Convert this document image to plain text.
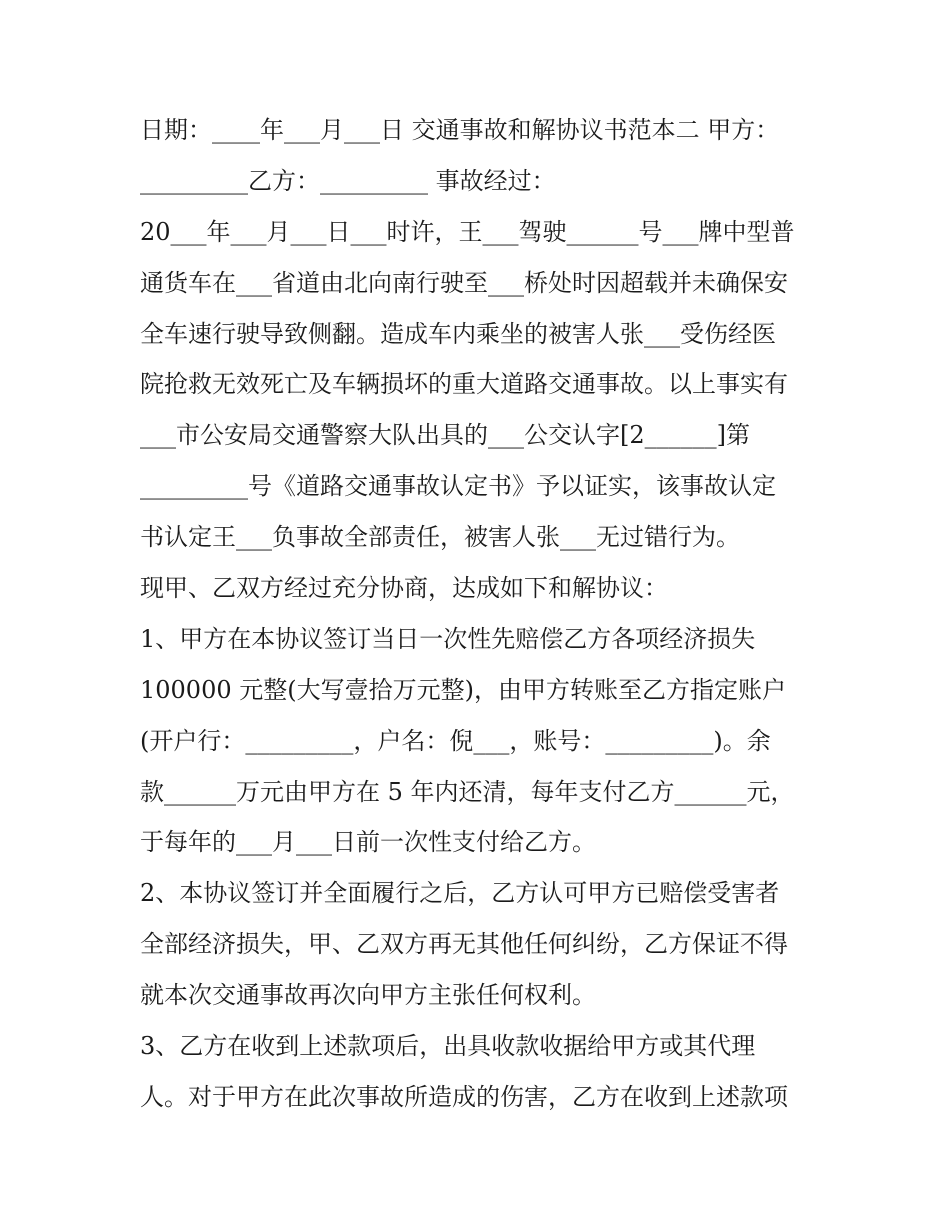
日期：____年___月___日 交通事故和解协议书范本二 甲方：
_________乙方：_________ 事故经过：
20___年___月___日___时许，王___驾驶______号___牌中型普
通货车在___省道由北向南行驶至___桥处时因超载并未确保安
全车速行驶导致侧翻。造成车内乘坐的被害人张___受伤经医
院抢救无效死亡及车辆损坏的重大道路交通事故。以上事实有
___市公安局交通警察大队出具的___公交认字[2______]第
_________号《道路交通事故认定书》予以证实，该事故认定
书认定王___负事故全部责任，被害人张___无过错行为。
现甲、乙双方经过充分协商，达成如下和解协议：
1、甲方在本协议签订当日一次性先赔偿乙方各项经济损失
100000 元整(大写壹拾万元整)，由甲方转账至乙方指定账户
(开户行：_________，户名：倪___，账号：_________)。余
款______万元由甲方在 5 年内还清，每年支付乙方______元，
于每年的___月___日前一次性支付给乙方。
2、本协议签订并全面履行之后，乙方认可甲方已赔偿受害者
全部经济损失，甲、乙双方再无其他任何纠纷，乙方保证不得
就本次交通事故再次向甲方主张任何权利。
3、乙方在收到上述款项后，出具收款收据给甲方或其代理
人。对于甲方在此次事故所造成的伤害，乙方在收到上述款项
